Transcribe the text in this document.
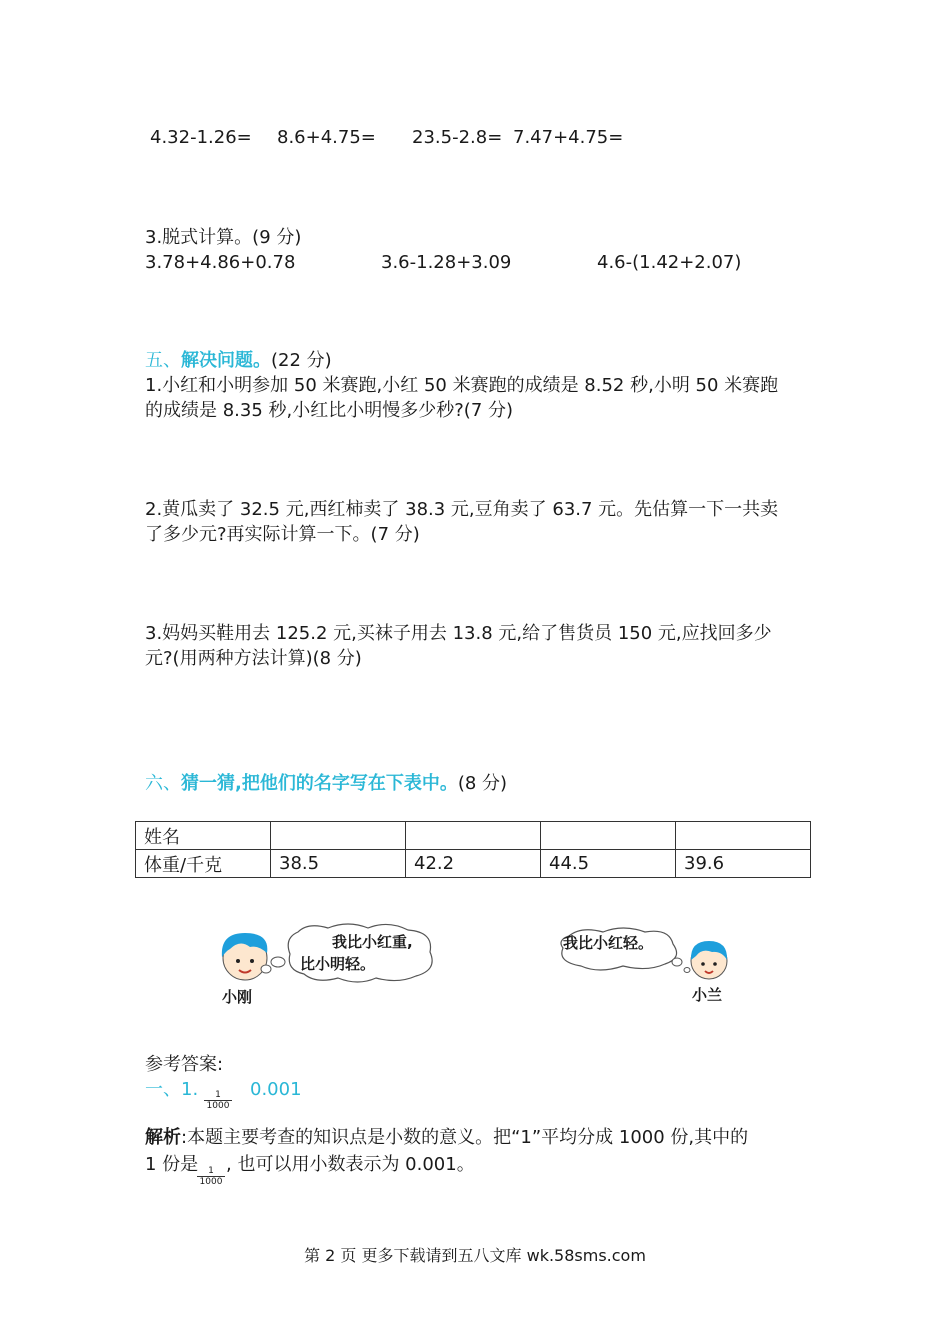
4.32-1.26= 8.6+4.75= 23.5-2.8= 7.47+4.75=
3.脱式计算。(9 分)
3.78+4.86+0.78	3.6-1.28+3.09	4.6-(1.42+2.07)
五、解决问题。(22 分)
1.小红和小明参加 50 米赛跑,小红 50 米赛跑的成绩是 8.52 秒,小明 50 米赛跑
的成绩是 8.35 秒,小红比小明慢多少秒?(7 分)
2.黄瓜卖了 32.5 元,西红柿卖了 38.3 元,豆角卖了 63.7 元。先估算一下一共卖
了多少元?再实际计算一下。(7 分)
3.妈妈买鞋用去 125.2 元,买袜子用去 13.8 元,给了售货员 150 元,应找回多少
元?(用两种方法计算)(8 分)
六、猜一猜,把他们的名字写在下表中。(8 分)
姓名				
体重/千克	38.5	42.2	44.5	39.6
我比小红重,
比小明轻。
小刚
我比小红轻。
小兰
参考答案:
一、1.	1
1000
0.001
解析:本题主要考查的知识点是小数的意义。把“1”平均分成 1000 份,其中的
1 份是	1
1000
, 也可以用小数表示为 0.001。
第 2 页 更多下载请到五八文库 wk.58sms.com
